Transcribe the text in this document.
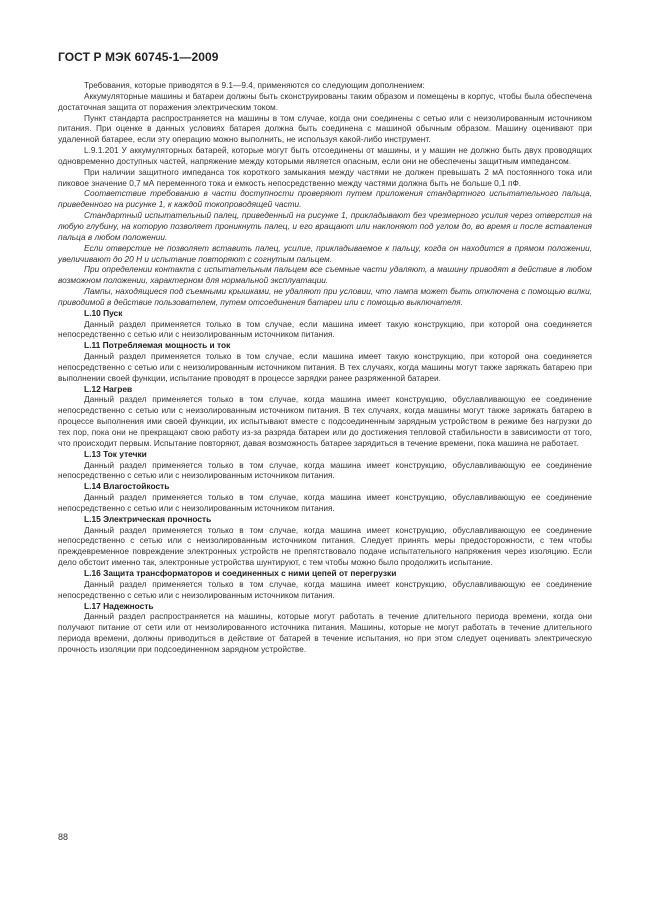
ГОСТ Р МЭК 60745-1—2009

Требования, которые приводятся в 9.1—9.4, применяются со следующим дополнением:

Аккумуляторные машины и батареи должны быть сконструированы таким образом и помещены в корпус, чтобы была обеспечена достаточная защита от поражения электрическим током.

Пункт стандарта распространяется на машины в том случае, когда они соединены с сетью или с неизолированным источником питания. При оценке в данных условиях батарея должна быть соединена с машиной обычным образом. Машину оценивают при удаленной батарее, если эту операцию можно выполнить, не используя какой-либо инструмент.

L.9.1.201 У аккумуляторных батарей, которые могут быть отсоединены от машины, и у машин не должно быть двух проводящих одновременно доступных частей, напряжение между которыми является опасным, если они не обеспечены защитным импедансом.

При наличии защитного импеданса ток короткого замыкания между частями не должен превышать 2 мА постоянного тока или пиковое значение 0,7 мА переменного тока и емкость непосредственно между частями должна быть не больше 0,1 пФ.

Соответствие требованию в части доступности проверяют путем приложения стандартного испытательного пальца, приведенного на рисунке 1, к каждой токопроводящей части.

Стандартный испытательный палец, приведенный на рисунке 1, прикладывают без чрезмерного усилия через отверстия на любую глубину, на которую позволяет проникнуть палец, и его вращают или наклоняют под углом до, во время и после вставления пальца в любом положении.

Если отверстие не позволяет вставить палец, усилие, прикладываемое к пальцу, когда он находится в прямом положении, увеличивают до 20 Н и испытание повторяют с согнутым пальцем.

При определении контакта с испытательным пальцем все съемные части удаляют, а машину приводят в действие в любом возможном положении, характерном для нормальной эксплуатации.

Лампы, находящиеся под съемными крышками, не удаляют при условии, что лампа может быть отключена с помощью вилки, приводимой в действие пользователем, путем отсоединения батареи или с помощью выключателя.

L.10 Пуск

Данный раздел применяется только в том случае, если машина имеет такую конструкцию, при которой она соединяется непосредственно с сетью или с неизолированным источником питания.

L.11 Потребляемая мощность и ток

Данный раздел применяется только в том случае, если машина имеет такую конструкцию, при которой она соединяется непосредственно с сетью или с неизолированным источником питания. В тех случаях, когда машины могут также заряжать батарею при выполнении своей функции, испытание проводят в процессе зарядки ранее разряженной батареи.

L.12 Нагрев

Данный раздел применяется только в том случае, когда машина имеет конструкцию, обуславливающую ее соединение непосредственно с сетью или с неизолированным источником питания. В тех случаях, когда машины могут также заряжать батарею в процессе выполнения ими своей функции, их испытывают вместе с подсоединенным зарядным устройством в режиме без нагрузки до тех пор, пока они не прекращают свою работу из-за разряда батареи или до достижения тепловой стабильности в зависимости от того, что происходит первым. Испытание повторяют, давая возможность батарее зарядиться в течение времени, пока машина не работает.

L.13 Ток утечки

Данный раздел применяется только в том случае, когда машина имеет конструкцию, обуславливающую ее соединение непосредственно с сетью или с неизолированным источником питания.

L.14 Влагостойкость

Данный раздел применяется только в том случае, когда машина имеет конструкцию, обуславливающую ее соединение непосредственно с сетью или с неизолированным источником питания.

L.15 Электрическая прочность

Данный раздел применяется только в том случае, когда машина имеет конструкцию, обуславливающую ее соединение непосредственно с сетью или с неизолированным источником питания. Следует принять меры предосторожности, с тем чтобы преждевременное повреждение электронных устройств не препятствовало подаче испытательного напряжения через изоляцию. Если дело обстоит именно так, электронные устройства шунтируют, с тем чтобы можно было продолжить испытание.

L.16 Защита трансформаторов и соединенных с ними цепей от перегрузки

Данный раздел применяется только в том случае, когда машина имеет конструкцию, обуславливающую ее соединение непосредственно с сетью или с неизолированным источником питания.

L.17 Надежность

Данный раздел распространяется на машины, которые могут работать в течение длительного периода времени, когда они получают питание от сети или от неизолированного источника питания. Машины, которые не могут работать в течение длительного периода времени, должны приводиться в действие от батарей в течение испытания, но при этом следует оценивать электрическую прочность изоляции при подсоединенном зарядном устройстве.

88
